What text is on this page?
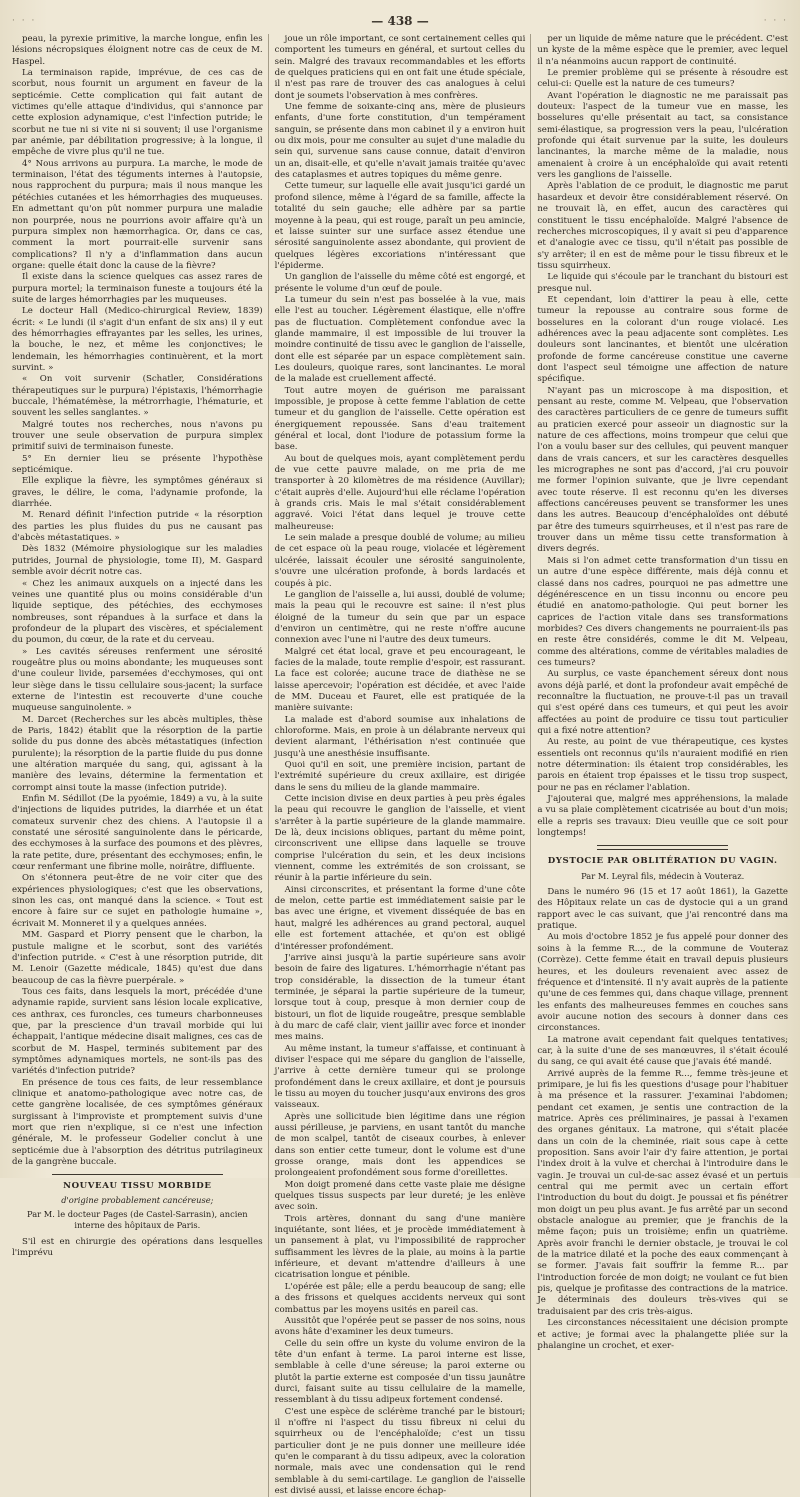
· · ·	— 438 —	· · ·

peau, la pyrexie primitive, la marche longue, enfin les lésions nécropsiques éloignent notre cas de ceux de M. Haspel.

La terminaison rapide, imprévue, de ces cas de scorbut, nous fournit un argument en faveur de la septicémie. Cette complication qui fait autant de victimes qu'elle attaque d'individus, qui s'annonce par cette explosion adynamique, c'est l'infection putride; le scorbut ne tue ni si vite ni si souvent; il use l'organisme par anémie, par débilitation progressive; à la longue, il empêche de vivre plus qu'il ne tue.

4° Nous arrivons au purpura. La marche, le mode de terminaison, l'état des téguments internes à l'autopsie, nous rapprochent du purpura; mais il nous manque les pétéchies cutanées et les hémorrhagies des muqueuses. En admettant qu'on pût nommer purpura une maladie non pourprée, nous ne pourrions avoir affaire qu'à un purpura simplex non hæmorrhagica. Or, dans ce cas, comment la mort pourrait-elle survenir sans complications? Il n'y a d'inflammation dans aucun organe: quelle était donc la cause de la fièvre?

Il existe dans la science quelques cas assez rares de purpura mortel; la terminaison funeste a toujours été la suite de larges hémorrhagies par les muqueuses.

Le docteur Hall (Medico-chirurgical Review, 1839) écrit: « Le lundi (il s'agit d'un enfant de six ans) il y eut des hémorrhagies effrayantes par les selles, les urines, la bouche, le nez, et même les conjonctives; le lendemain, les hémorrhagies continuèrent, et la mort survint. »

« On voit survenir (Schatler, Considérations thérapeutiques sur le purpura) l'épistaxis, l'hémorrhagie buccale, l'hématémèse, la métrorrhagie, l'hématurie, et souvent les selles sanglantes. »

Malgré toutes nos recherches, nous n'avons pu trouver une seule observation de purpura simplex primitif suivi de terminaison funeste.

5° En dernier lieu se présente l'hypothèse septicémique.

Elle explique la fièvre, les symptômes généraux si graves, le délire, le coma, l'adynamie profonde, la diarrhée.

M. Renard définit l'infection putride « la résorption des parties les plus fluides du pus ne causant pas d'abcès métastatiques. »

Dès 1832 (Mémoire physiologique sur les maladies putrides, Journal de physiologie, tome II), M. Gaspard semble avoir décrit notre cas.

« Chez les animaux auxquels on a injecté dans les veines une quantité plus ou moins considérable d'un liquide septique, des pétéchies, des ecchymoses nombreuses, sont répandues à la surface et dans la profondeur de la plupart des viscères, et spécialement du poumon, du cœur, de la rate et du cerveau.

» Les cavités séreuses renferment une sérosité rougeâtre plus ou moins abondante; les muqueuses sont d'une couleur livide, parsemées d'ecchymoses, qui ont leur siège dans le tissu cellulaire sous-jacent; la surface externe de l'intestin est recouverte d'une couche muqueuse sanguinolente. »

M. Darcet (Recherches sur les abcès multiples, thèse de Paris, 1842) établit que la résorption de la partie solide du pus donne des abcès métastatiques (infection purulente); la résorption de la partie fluide du pus donne une altération marquée du sang, qui, agissant à la manière des levains, détermine la fermentation et corrompt ainsi toute la masse (infection putride).

Enfin M. Sédillot (De la pyoémie, 1849) a vu, à la suite d'injections de liquides putrides, la diarrhée et un état comateux survenir chez des chiens. A l'autopsie il a constaté une sérosité sanguinolente dans le péricarde, des ecchymoses à la surface des poumons et des plèvres, la rate petite, dure, présentant des ecchymoses; enfin, le cœur renfermant une fibrine molle, noirâtre, diffluente.

On s'étonnera peut-être de ne voir citer que des expériences physiologiques; c'est que les observations, sinon les cas, ont manqué dans la science. « Tout est encore à faire sur ce sujet en pathologie humaine », écrivait M. Monneret il y a quelques années.

MM. Gaspard et Piorry pensent que le charbon, la pustule maligne et le scorbut, sont des variétés d'infection putride. « C'est à une résorption putride, dit M. Lenoir (Gazette médicale, 1845) qu'est due dans beaucoup de cas la fièvre puerpérale. »

Tous ces faits, dans lesquels la mort, précédée d'une adynamie rapide, survient sans lésion locale explicative, ces anthrax, ces furoncles, ces tumeurs charbonneuses que, par la prescience d'un travail morbide qui lui échappait, l'antique médecine disait malignes, ces cas de scorbut de M. Haspel, terminés subitement par des symptômes adynamiques mortels, ne sont-ils pas des variétés d'infection putride?

En présence de tous ces faits, de leur ressemblance clinique et anatomo-pathologique avec notre cas, de cette gangrène localisée, de ces symptômes généraux surgissant à l'improviste et promptement suivis d'une mort que rien n'explique, si ce n'est une infection générale, M. le professeur Godelier conclut à une septicémie due à l'absorption des détritus putrilagineux de la gangrène buccale.

NOUVEAU TISSU MORBIDE
d'origine probablement cancéreuse;
Par M. le docteur Pages (de Castel-Sarrasin), ancien interne des hôpitaux de Paris.

S'il est en chirurgie des opérations dans lesquelles l'imprévu

joue un rôle important, ce sont certainement celles qui comportent les tumeurs en général, et surtout celles du sein. Malgré des travaux recommandables et les efforts de quelques praticiens qui en ont fait une étude spéciale, il n'est pas rare de trouver des cas analogues à celui dont je soumets l'observation à mes confrères.

Une femme de soixante-cinq ans, mère de plusieurs enfants, d'une forte constitution, d'un tempérament sanguin, se présente dans mon cabinet il y a environ huit ou dix mois, pour me consulter au sujet d'une maladie du sein qui, survenue sans cause connue, datait d'environ un an, disait-elle, et qu'elle n'avait jamais traitée qu'avec des cataplasmes et autres topiques du même genre.

Cette tumeur, sur laquelle elle avait jusqu'ici gardé un profond silence, même à l'égard de sa famille, affecte la totalité du sein gauche; elle adhère par sa partie moyenne à la peau, qui est rouge, paraît un peu amincie, et laisse suinter sur une surface assez étendue une sérosité sanguinolente assez abondante, qui provient de quelques légères excoriations n'intéressant que l'épiderme.

Un ganglion de l'aisselle du même côté est engorgé, et présente le volume d'un œuf de poule.

La tumeur du sein n'est pas bosselée à la vue, mais elle l'est au toucher. Légèrement élastique, elle n'offre pas de fluctuation. Complètement confondue avec la glande mammaire, il est impossible de lui trouver la moindre continuité de tissu avec le ganglion de l'aisselle, dont elle est séparée par un espace complètement sain. Les douleurs, quoique rares, sont lancinantes. Le moral de la malade est cruellement affecté.

Tout autre moyen de guérison me paraissant impossible, je propose à cette femme l'ablation de cette tumeur et du ganglion de l'aisselle. Cette opération est énergiquement repoussée. Sans d'eau traitement général et local, dont l'iodure de potassium forme la base.

Au bout de quelques mois, ayant complètement perdu de vue cette pauvre malade, on me pria de me transporter à 20 kilomètres de ma résidence (Auvillar); c'était auprès d'elle. Aujourd'hui elle réclame l'opération à grands cris. Mais le mal s'était considérablement aggravé. Voici l'état dans lequel je trouve cette malheureuse:

Le sein malade a presque doublé de volume; au milieu de cet espace où la peau rouge, violacée et légèrement ulcérée, laissait écouler une sérosité sanguinolente, s'ouvre une ulcération profonde, à bords lardacés et coupés à pic.

Le ganglion de l'aisselle a, lui aussi, doublé de volume; mais la peau qui le recouvre est saine: il n'est plus éloigné de la tumeur du sein que par un espace d'environ un centimètre, qui ne reste n'offre aucune connexion avec l'une ni l'autre des deux tumeurs.

Malgré cet état local, grave et peu encourageant, le facies de la malade, toute remplie d'espoir, est rassurant. La face est colorée; aucune trace de diathèse ne se laisse apercevoir; l'opération est décidée, et avec l'aide de MM. Duceau et Fauret, elle est pratiquée de la manière suivante:

La malade est d'abord soumise aux inhalations de chloroforme. Mais, en proie à un délabrante nerveux qui devient alarmant, l'éthérisation n'est continuée que jusqu'à une anesthésie insuffisante.

Quoi qu'il en soit, une première incision, partant de l'extrémité supérieure du creux axillaire, est dirigée dans le sens du milieu de la glande mammaire.

Cette incision divise en deux parties à peu près égales la peau qui recouvre le ganglion de l'aisselle, et vient s'arrêter à la partie supérieure de la glande mammaire. De là, deux incisions obliques, partant du même point, circonscrivent une ellipse dans laquelle se trouve comprise l'ulcération du sein, et les deux incisions viennent, comme les extrémités de son croissant, se réunir à la partie inférieure du sein.

Ainsi circonscrites, et présentant la forme d'une côte de melon, cette partie est immédiatement saisie par le bas avec une érigne, et vivement disséquée de bas en haut, malgré les adhérences au grand pectoral, auquel elle est fortement attachée, et qu'on est obligé d'intéresser profondément.

J'arrive ainsi jusqu'à la partie supérieure sans avoir besoin de faire des ligatures. L'hémorrhagie n'étant pas trop considérable, la dissection de la tumeur étant terminée, je séparai la partie supérieure de la tumeur, lorsque tout à coup, presque à mon dernier coup de bistouri, un flot de liquide rougeâtre, presque semblable à du marc de café clair, vient jaillir avec force et inonder mes mains.

Au même instant, la tumeur s'affaisse, et continuant à diviser l'espace qui me sépare du ganglion de l'aisselle, j'arrive à cette dernière tumeur qui se prolonge profondément dans le creux axillaire, et dont je poursuis le tissu au moyen du toucher jusqu'aux environs des gros vaisseaux.

Après une sollicitude bien légitime dans une région aussi périlleuse, je parviens, en usant tantôt du manche de mon scalpel, tantôt de ciseaux courbes, à enlever dans son entier cette tumeur, dont le volume est d'une grosse orange, mais dont les appendices se prolongeaient profondément sous forme d'oreillettes.

Mon doigt promené dans cette vaste plaie me désigne quelques tissus suspects par leur dureté; je les enlève avec soin.

Trois artères, donnant du sang d'une manière inquiétante, sont liées, et je procède immédiatement à un pansement à plat, vu l'impossibilité de rapprocher suffisamment les lèvres de la plaie, au moins à la partie inférieure, et devant m'attendre d'ailleurs à une cicatrisation longue et pénible.

L'opérée est pâle; elle a perdu beaucoup de sang; elle a des frissons et quelques accidents nerveux qui sont combattus par les moyens usités en pareil cas.

Aussitôt que l'opérée peut se passer de nos soins, nous avons hâte d'examiner les deux tumeurs.

Celle du sein offre un kyste du volume environ de la tête d'un enfant à terme. La paroi interne est lisse, semblable à celle d'une séreuse; la paroi externe ou plutôt la partie externe est composée d'un tissu jaunâtre durci, faisant suite au tissu cellulaire de la mamelle, ressemblant à du tissu adipeux fortement condensé.

C'est une espèce de sclérème tranché par le bistouri; il n'offre ni l'aspect du tissu fibreux ni celui du squirrheux ou de l'encéphaloïde; c'est un tissu particulier dont je ne puis donner une meilleure idée qu'en le comparant à du tissu adipeux, avec la coloration normale, mais avec une condensation qui le rend semblable à du semi-cartilage. Le ganglion de l'aisselle est divisé aussi, et laisse encore échap-

per un liquide de même nature que le précédent. C'est un kyste de la même espèce que le premier, avec lequel il n'a néanmoins aucun rapport de continuité.

Le premier problème qui se présente à résoudre est celui-ci: Quelle est la nature de ces tumeurs?

Avant l'opération le diagnostic ne me paraissait pas douteux: l'aspect de la tumeur vue en masse, les bosselures qu'elle présentait au tact, sa consistance semi-élastique, sa progression vers la peau, l'ulcération profonde qui était survenue par la suite, les douleurs lancinantes, la marche même de la maladie, nous amenaient à croire à un encéphaloïde qui avait retenti vers les ganglions de l'aisselle.

Après l'ablation de ce produit, le diagnostic me parut hasardeux et devoir être considérablement réservé. On ne trouvait là, en effet, aucun des caractères qui constituent le tissu encéphaloïde. Malgré l'absence de recherches microscopiques, il y avait si peu d'apparence et d'analogie avec ce tissu, qu'il n'était pas possible de s'y arrêter; il en est de même pour le tissu fibreux et le tissu squirrheux.

Le liquide qui s'écoule par le tranchant du bistouri est presque nul.

Et cependant, loin d'attirer la peau à elle, cette tumeur la repousse au contraire sous forme de bosselures en la colorant d'un rouge violacé. Les adhérences avec la peau adjacente sont complètes. Les douleurs sont lancinantes, et bientôt une ulcération profonde de forme cancéreuse constitue une caverne dont l'aspect seul témoigne une affection de nature spécifique.

N'ayant pas un microscope à ma disposition, et pensant au reste, comme M. Velpeau, que l'observation des caractères particuliers de ce genre de tumeurs suffit au praticien exercé pour asseoir un diagnostic sur la nature de ces affections, moins trompeur que celui que l'on a voulu baser sur des cellules, qui peuvent manquer dans de vrais cancers, et sur les caractères desquelles les micrographes ne sont pas d'accord, j'ai cru pouvoir me former l'opinion suivante, que je livre cependant avec toute réserve. Il est reconnu qu'en les diverses affections cancéreuses peuvent se transformer les unes dans les autres. Beaucoup d'encéphaloïdes ont débuté par être des tumeurs squirrheuses, et il n'est pas rare de trouver dans un même tissu cette transformation à divers degrés.

Mais si l'on admet cette transformation d'un tissu en un autre d'une espèce différente, mais déjà connu et classé dans nos cadres, pourquoi ne pas admettre une dégénérescence en un tissu inconnu ou encore peu étudié en anatomo-pathologie. Qui peut borner les caprices de l'action vitale dans ses transformations morbides? Ces divers changements ne pourraient-ils pas en reste être considérés, comme le dit M. Velpeau, comme des altérations, comme de véritables maladies de ces tumeurs?

Au surplus, ce vaste épanchement séreux dont nous avons déjà parlé, et dont la profondeur avait empêché de reconnaître la fluctuation, ne prouve-t-il pas un travail qui s'est opéré dans ces tumeurs, et qui peut les avoir affectées au point de produire ce tissu tout particulier qui a fixé notre attention?

Au reste, au point de vue thérapeutique, ces kystes essentiels ont reconnus qu'ils n'auraient modifié en rien notre détermination: ils étaient trop considérables, les parois en étaient trop épaisses et le tissu trop suspect, pour ne pas en réclamer l'ablation.

J'ajouterai que, malgré mes appréhensions, la malade a vu sa plaie complètement cicatrisée au bout d'un mois; elle a repris ses travaux: Dieu veuille que ce soit pour longtemps!

DYSTOCIE PAR OBLITÉRATION DU VAGIN.
Par M. Leyral fils, médecin à Vouteraz.

Dans le numéro 96 (15 et 17 août 1861), la Gazette des Hôpitaux relate un cas de dystocie qui a un grand rapport avec le cas suivant, que j'ai rencontré dans ma pratique.

Au mois d'octobre 1852 je fus appelé pour donner des soins à la femme R..., de la commune de Vouteraz (Corrèze). Cette femme était en travail depuis plusieurs heures, et les douleurs revenaient avec assez de fréquence et d'intensité. Il n'y avait auprès de la patiente qu'une de ces femmes qui, dans chaque village, prennent les enfants des malheureuses femmes en couches sans avoir aucune notion des secours à donner dans ces circonstances.

La matrone avait cependant fait quelques tentatives; car, à la suite d'une de ses manœuvres, il s'était écoulé du sang, ce qui avait été cause que j'avais été mandé.

Arrivé auprès de la femme R..., femme très-jeune et primipare, je lui fis les questions d'usage pour l'habituer à ma présence et la rassurer. J'examinai l'abdomen; pendant cet examen, je sentis une contraction de la matrice. Après ces préliminaires, je passai à l'examen des organes génitaux. La matrone, qui s'était placée dans un coin de la cheminée, riait sous cape à cette proposition. Sans avoir l'air d'y faire attention, je portai l'index droit à la vulve et cherchai à l'introduire dans le vagin. Je trouvai un cul-de-sac assez évasé et un pertuis central qui me permit avec un certain effort l'introduction du bout du doigt. Je poussai et fis pénétrer mon doigt un peu plus avant. Je fus arrêté par un second obstacle analogue au premier, que je franchis de la même façon; puis un troisième; enfin un quatrième. Après avoir franchi le dernier obstacle, je trouvai le col de la matrice dilaté et la poche des eaux commençant à se former. J'avais fait souffrir la femme R... par l'introduction forcée de mon doigt; ne voulant ce fut bien pis, quelque je profitasse des contractions de la matrice. Je déterminais des douleurs très-vives qui se traduisaient par des cris très-aigus.

Les circonstances nécessitaient une décision prompte et active; je formai avec la phalangette pliée sur la phalangine un crochet, et exer-
